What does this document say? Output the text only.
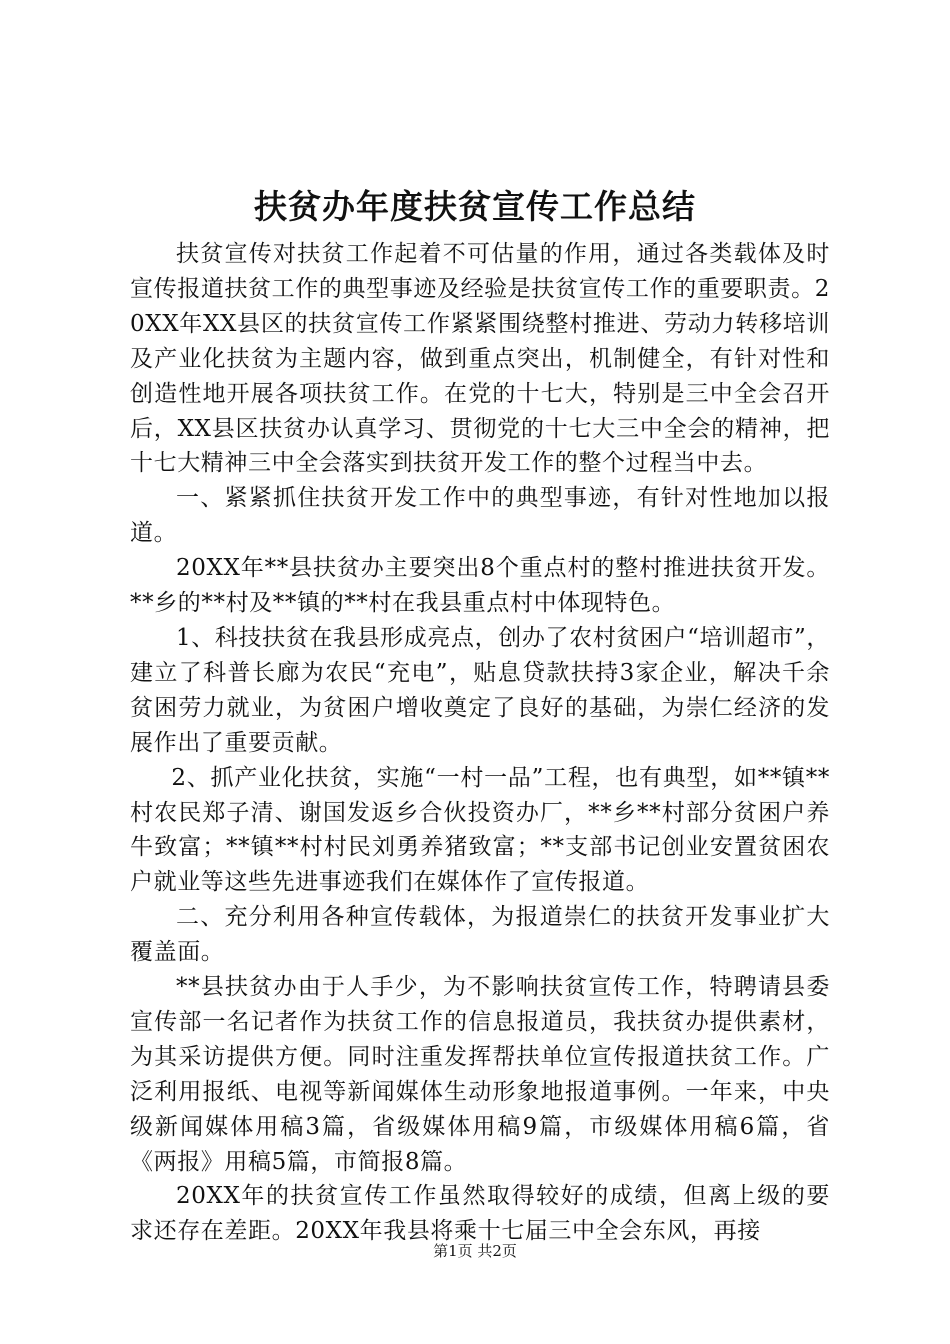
扶贫办年度扶贫宣传工作总结

扶贫宣传对扶贫工作起着不可估量的作用，通过各类载体及时宣传报道扶贫工作的典型事迹及经验是扶贫宣传工作的重要职责。20XX年XX县区的扶贫宣传工作紧紧围绕整村推进、劳动力转移培训及产业化扶贫为主题内容，做到重点突出，机制健全，有针对性和创造性地开展各项扶贫工作。在党的十七大，特别是三中全会召开后，XX县区扶贫办认真学习、贯彻党的十七大三中全会的精神，把十七大精神三中全会落实到扶贫开发工作的整个过程当中去。

一、紧紧抓住扶贫开发工作中的典型事迹，有针对性地加以报道。

20XX年**县扶贫办主要突出8个重点村的整村推进扶贫开发。**乡的**村及**镇的**村在我县重点村中体现特色。

1、科技扶贫在我县形成亮点，创办了农村贫困户“培训超市”，建立了科普长廊为农民“充电”，贴息贷款扶持3家企业，解决千余贫困劳力就业，为贫困户增收奠定了良好的基础，为崇仁经济的发展作出了重要贡献。

2、抓产业化扶贫，实施“一村一品”工程，也有典型，如**镇**村农民郑子清、谢国发返乡合伙投资办厂，**乡**村部分贫困户养牛致富；**镇**村村民刘勇养猪致富；**支部书记创业安置贫困农户就业等这些先进事迹我们在媒体作了宣传报道。

二、充分利用各种宣传载体，为报道崇仁的扶贫开发事业扩大覆盖面。

**县扶贫办由于人手少，为不影响扶贫宣传工作，特聘请县委宣传部一名记者作为扶贫工作的信息报道员，我扶贫办提供素材，为其采访提供方便。同时注重发挥帮扶单位宣传报道扶贫工作。广泛利用报纸、电视等新闻媒体生动形象地报道事例。一年来，中央级新闻媒体用稿3篇，省级媒体用稿9篇，市级媒体用稿6篇，省《两报》用稿5篇，市简报8篇。

20XX年的扶贫宣传工作虽然取得较好的成绩，但离上级的要求还存在差距。20XX年我县将乘十七届三中全会东风，再接

第1页 共2页
